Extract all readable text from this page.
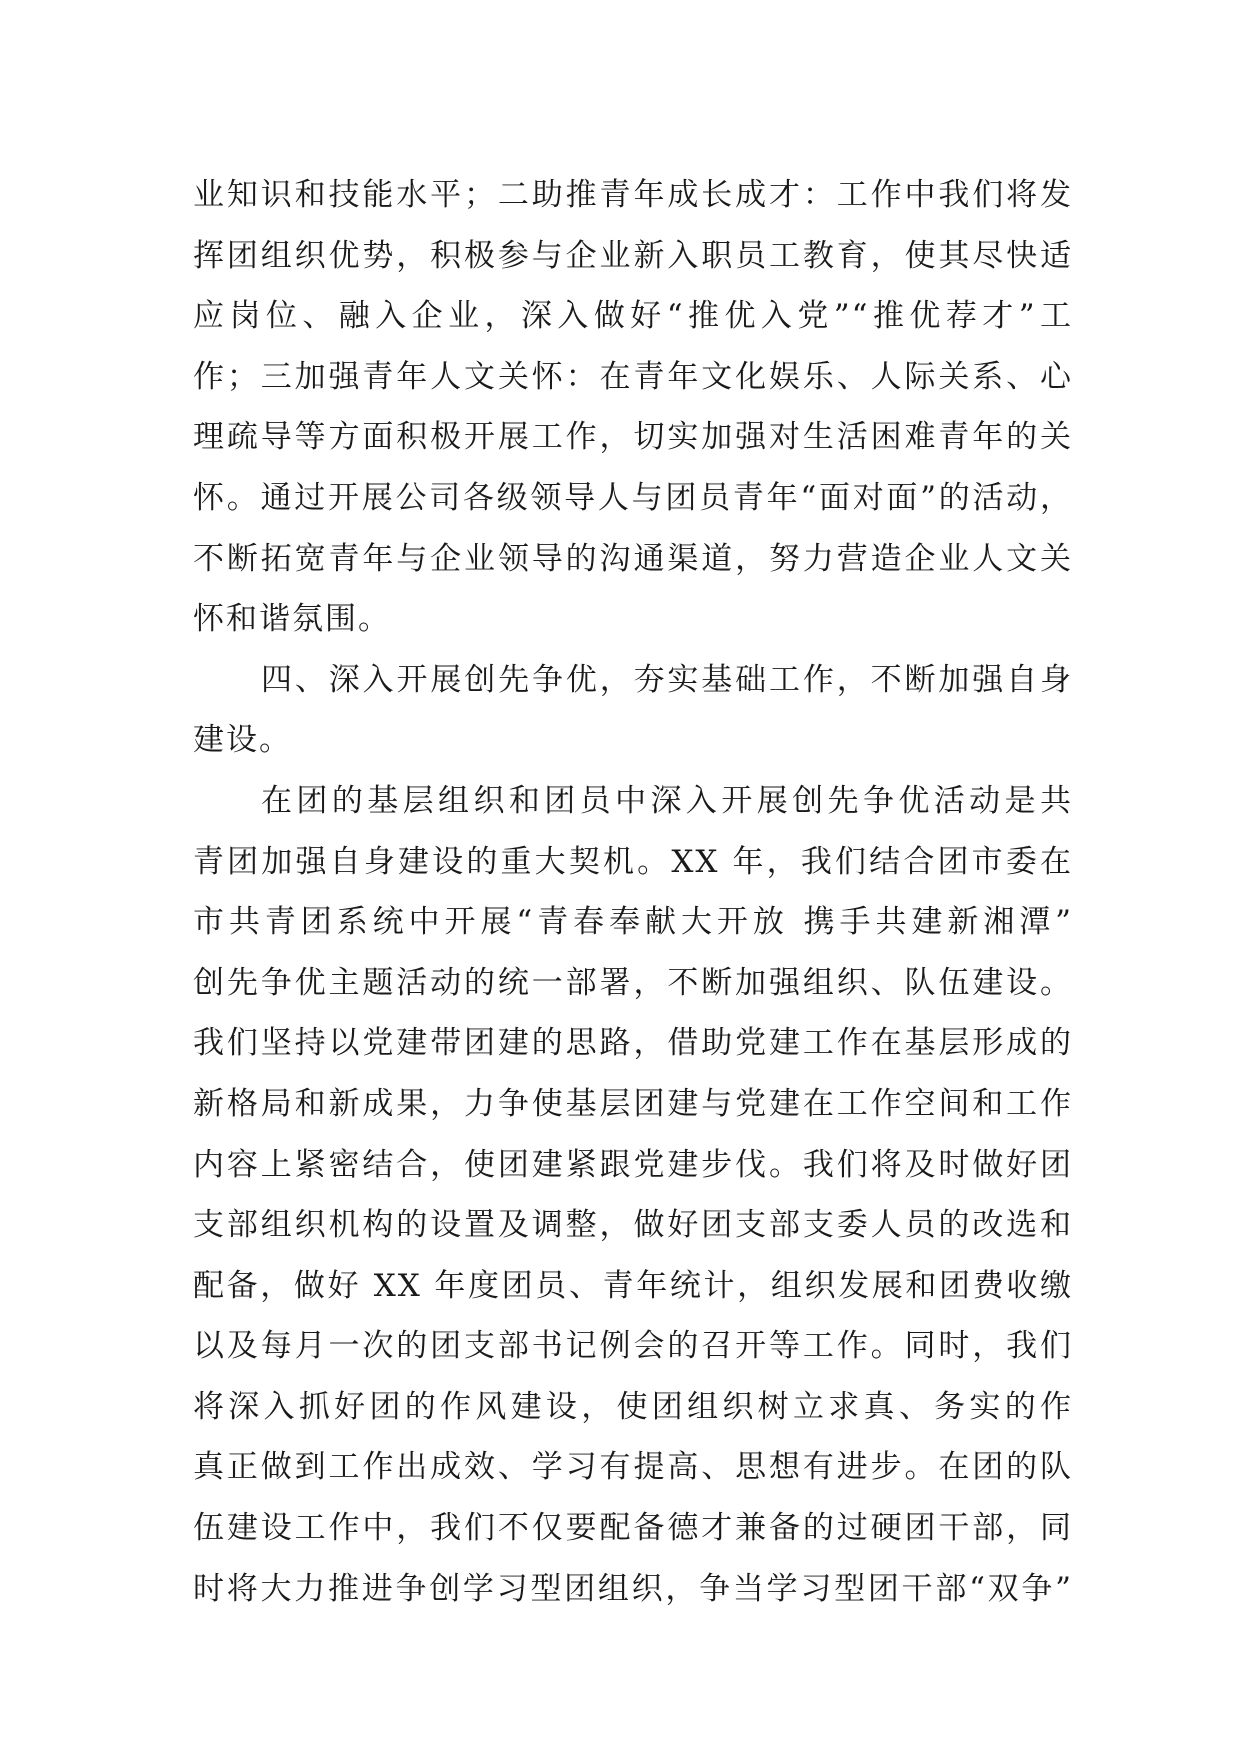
业知识和技能水平；二助推青年成长成才：工作中我们将发
挥团组织优势，积极参与企业新入职员工教育，使其尽快适
应岗位、融入企业，深入做好“推优入党”“推优荐才”工
作；三加强青年人文关怀：在青年文化娱乐、人际关系、心
理疏导等方面积极开展工作，切实加强对生活困难青年的关
怀。通过开展公司各级领导人与团员青年“面对面”的活动，
不断拓宽青年与企业领导的沟通渠道，努力营造企业人文关
怀和谐氛围。
四、深入开展创先争优，夯实基础工作，不断加强自身
建设。
在团的基层组织和团员中深入开展创先争优活动是共
青团加强自身建设的重大契机。XX 年，我们结合团市委在
市共青团系统中开展“青春奉献大开放 携手共建新湘潭”
创先争优主题活动的统一部署，不断加强组织、队伍建设。
我们坚持以党建带团建的思路，借助党建工作在基层形成的
新格局和新成果，力争使基层团建与党建在工作空间和工作
内容上紧密结合，使团建紧跟党建步伐。我们将及时做好团
支部组织机构的设置及调整，做好团支部支委人员的改选和
配备，做好 XX 年度团员、青年统计，组织发展和团费收缴
以及每月一次的团支部书记例会的召开等工作。同时，我们
将深入抓好团的作风建设，使团组织树立求真、务实的作
真正做到工作出成效、学习有提高、思想有进步。在团的队
伍建设工作中，我们不仅要配备德才兼备的过硬团干部，同
时将大力推进争创学习型团组织，争当学习型团干部“双争”
